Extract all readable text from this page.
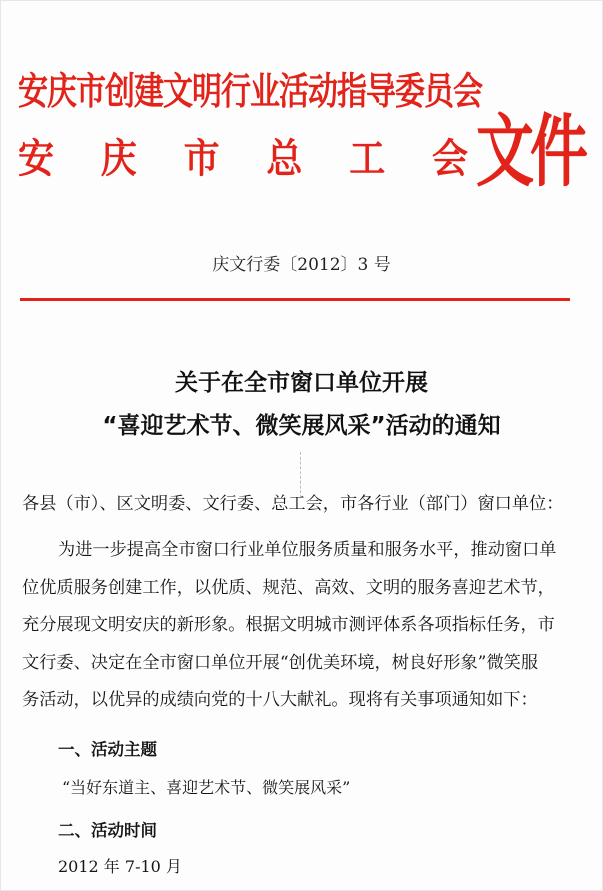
安庆市创建文明行业活动指导委员会
安 庆 市 总 工 会 文件
庆文行委〔2012〕3 号
关于在全市窗口单位开展
“喜迎艺术节、微笑展风采”活动的通知
各县（市）、区文明委、文行委、总工会，市各行业（部门）窗口单位：
为进一步提高全市窗口行业单位服务质量和服务水平，推动窗口单
位优质服务创建工作，以优质、规范、高效、文明的服务喜迎艺术节，
充分展现文明安庆的新形象。根据文明城市测评体系各项指标任务，市
文行委、决定在全市窗口单位开展“创优美环境，树良好形象”微笑服
务活动，以优异的成绩向党的十八大献礼。现将有关事项通知如下：
一、活动主题
“当好东道主、喜迎艺术节、微笑展风采”
二、活动时间
2012 年 7-10 月
